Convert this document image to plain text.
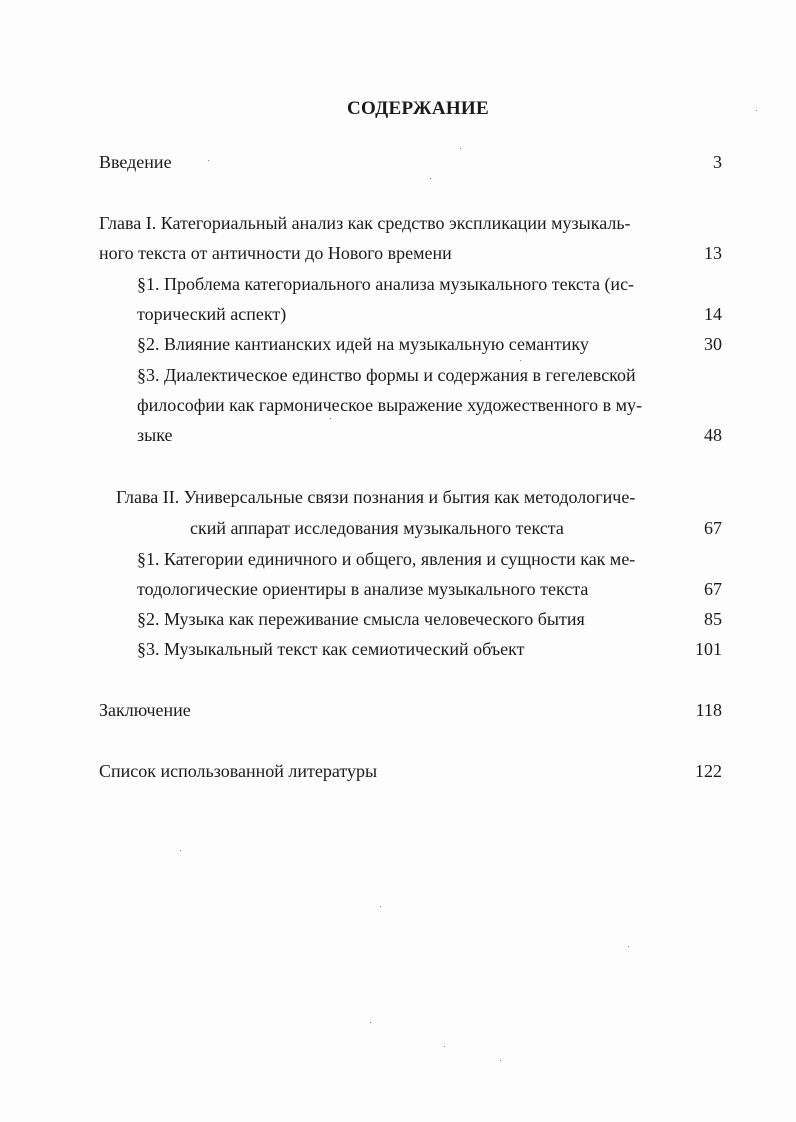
СОДЕРЖАНИЕ
Введение	3
Глава I. Категориальный анализ как средство экспликации музыкаль-
ного текста от античности до Нового времени	13
§1. Проблема категориального анализа музыкального текста (ис-
торический аспект)	14
§2. Влияние кантианских идей на музыкальную семантику	30
§3. Диалектическое единство формы и содержания в гегелевской
философии как гармоническое выражение художественного в му-
зыке	48
Глава II. Универсальные связи познания и бытия как методологиче-
ский аппарат исследования музыкального текста	67
§1. Категории единичного и общего, явления и сущности как ме-
тодологические ориентиры в анализе музыкального текста	67
§2. Музыка как переживание смысла человеческого бытия	85
§3. Музыкальный текст как семиотический объект	101
Заключение	118
Список использованной литературы	122
